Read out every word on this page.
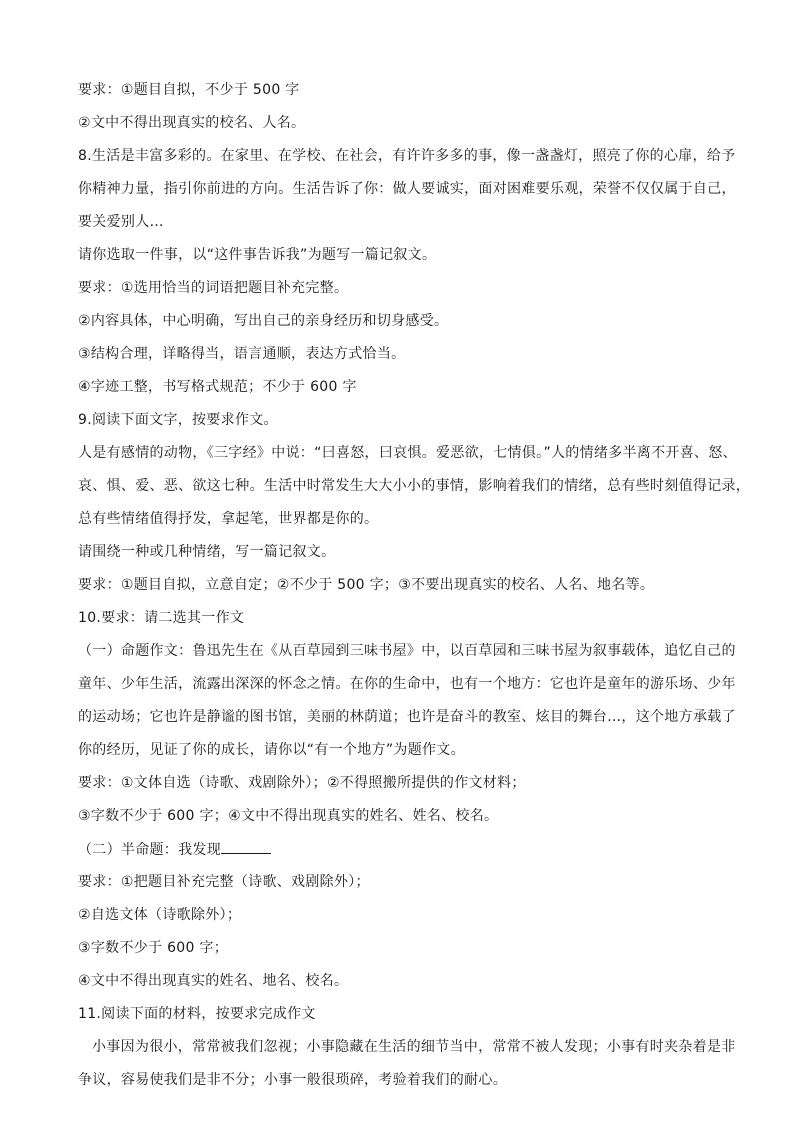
要求：①题目自拟，不少于 500 字
②文中不得出现真实的校名、人名。
8.生活是丰富多彩的。在家里、在学校、在社会，有许许多多的事，像一盏盏灯，照亮了你的心扉，给予
你精神力量，指引你前进的方向。生活告诉了你：做人要诚实，面对困难要乐观，荣誉不仅仅属于自己，
要关爱别人…
请你选取一件事，以“这件事告诉我”为题写一篇记叙文。
要求：①选用恰当的词语把题目补充完整。
②内容具体，中心明确，写出自己的亲身经历和切身感受。
③结构合理，详略得当，语言通顺，表达方式恰当。
④字迹工整，书写格式规范；不少于 600 字
9.阅读下面文字，按要求作文。
人是有感情的动物，《三字经》中说：“曰喜怒，曰哀惧。爱恶欲，七情俱。”人的情绪多半离不开喜、怒、
哀、惧、爱、恶、欲这七种。生活中时常发生大大小小的事情，影响着我们的情绪，总有些时刻值得记录，
总有些情绪值得抒发，拿起笔，世界都是你的。
请围绕一种或几种情绪，写一篇记叙文。
要求：①题目自拟，立意自定；②不少于 500 字；③不要出现真实的校名、人名、地名等。
10.要求：请二选其一作文
（一）命题作文：鲁迅先生在《从百草园到三味书屋》中，以百草园和三味书屋为叙事载体，追忆自己的
童年、少年生活，流露出深深的怀念之情。在你的生命中，也有一个地方：它也许是童年的游乐场、少年
的运动场；它也许是静谧的图书馆，美丽的林荫道；也许是奋斗的教室、炫目的舞台…，这个地方承载了
你的经历，见证了你的成长，请你以“有一个地方”为题作文。
要求：①文体自选（诗歌、戏剧除外）；②不得照搬所提供的作文材料；
③字数不少于 600 字；④文中不得出现真实的姓名、姓名、校名。
（二）半命题：我发现
要求：①把题目补充完整（诗歌、戏剧除外）；
②自选文体（诗歌除外）；
③字数不少于 600 字；
④文中不得出现真实的姓名、地名、校名。
11.阅读下面的材料，按要求完成作文
小事因为很小，常常被我们忽视；小事隐藏在生活的细节当中，常常不被人发现；小事有时夹杂着是非
争议，容易使我们是非不分；小事一般很琐碎，考验着我们的耐心。
